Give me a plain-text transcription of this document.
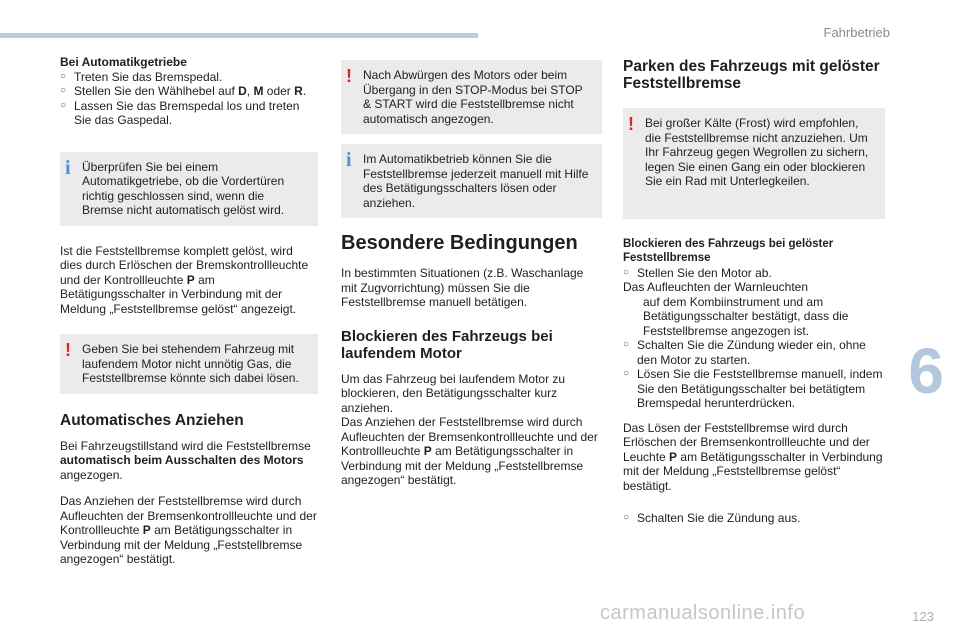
Fahrbetrieb
6
Bei Automatikgetriebe
○ Treten Sie das Bremspedal.
○ Stellen Sie den Wählhebel auf D, M oder R.
○ Lassen Sie das Bremspedal los und treten Sie das Gaspedal.
i Überprüfen Sie bei einem Automatikgetriebe, ob die Vordertüren richtig geschlossen sind, wenn die Bremse nicht automatisch gelöst wird.

Ist die Feststellbremse komplett gelöst, wird dies durch Erlöschen der Bremskontrollleuchte und der Kontrollleuchte P am Betätigungsschalter in Verbindung mit der Meldung „Feststellbremse gelöst“ angezeigt.

! Geben Sie bei stehendem Fahrzeug mit laufendem Motor nicht unnötig Gas, die Feststellbremse könnte sich dabei lösen.
Automatisches Anziehen

Bei Fahrzeugstillstand wird die Feststellbremse automatisch beim Ausschalten des Motors angezogen.

Das Anziehen der Feststellbremse wird durch Aufleuchten der Bremsenkontrollleuchte und der Kontrollleuchte P am Betätigungsschalter in Verbindung mit der Meldung „Feststellbremse angezogen“ bestätigt.

! Nach Abwürgen des Motors oder beim Übergang in den STOP-Modus bei STOP & START wird die Feststellbremse nicht automatisch angezogen.
i Im Automatikbetrieb können Sie die Feststellbremse jederzeit manuell mit Hilfe des Betätigungsschalters lösen oder anziehen.
Besondere Bedingungen

In bestimmten Situationen (z.B. Waschanlage mit Zugvorrichtung) müssen Sie die Feststellbremse manuell betätigen.

Blockieren des Fahrzeugs bei laufendem Motor

Um das Fahrzeug bei laufendem Motor zu blockieren, den Betätigungsschalter kurz anziehen.

Das Anziehen der Feststellbremse wird durch Aufleuchten der Bremsenkontrollleuchte und der Kontrollleuchte P am Betätigungsschalter in Verbindung mit der Meldung „Feststellbremse angezogen“ bestätigt.

Parken des Fahrzeugs mit gelöster Feststellbremse
! Bei großer Kälte (Frost) wird empfohlen, die Feststellbremse nicht anzuziehen. Um Ihr Fahrzeug gegen Wegrollen zu sichern, legen Sie einen Gang ein oder blockieren Sie ein Rad mit Unterlegkeilen.
Blockieren des Fahrzeugs bei gelöster Feststellbremse
○ Stellen Sie den Motor ab.
Das Aufleuchten der Warnleuchten
auf dem Kombiinstrument und am Betätigungsschalter bestätigt, dass die Feststellbremse angezogen ist.
○ Schalten Sie die Zündung wieder ein, ohne den Motor zu starten.
○ Lösen Sie die Feststellbremse manuell, indem Sie den Betätigungsschalter bei betätigtem Bremspedal herunterdrücken.

Das Lösen der Feststellbremse wird durch Erlöschen der Bremsenkontrollleuchte und der Leuchte P am Betätigungsschalter in Verbindung mit der Meldung „Feststellbremse gelöst“ bestätigt.

○ Schalten Sie die Zündung aus.
carmanualsonline.info	123
